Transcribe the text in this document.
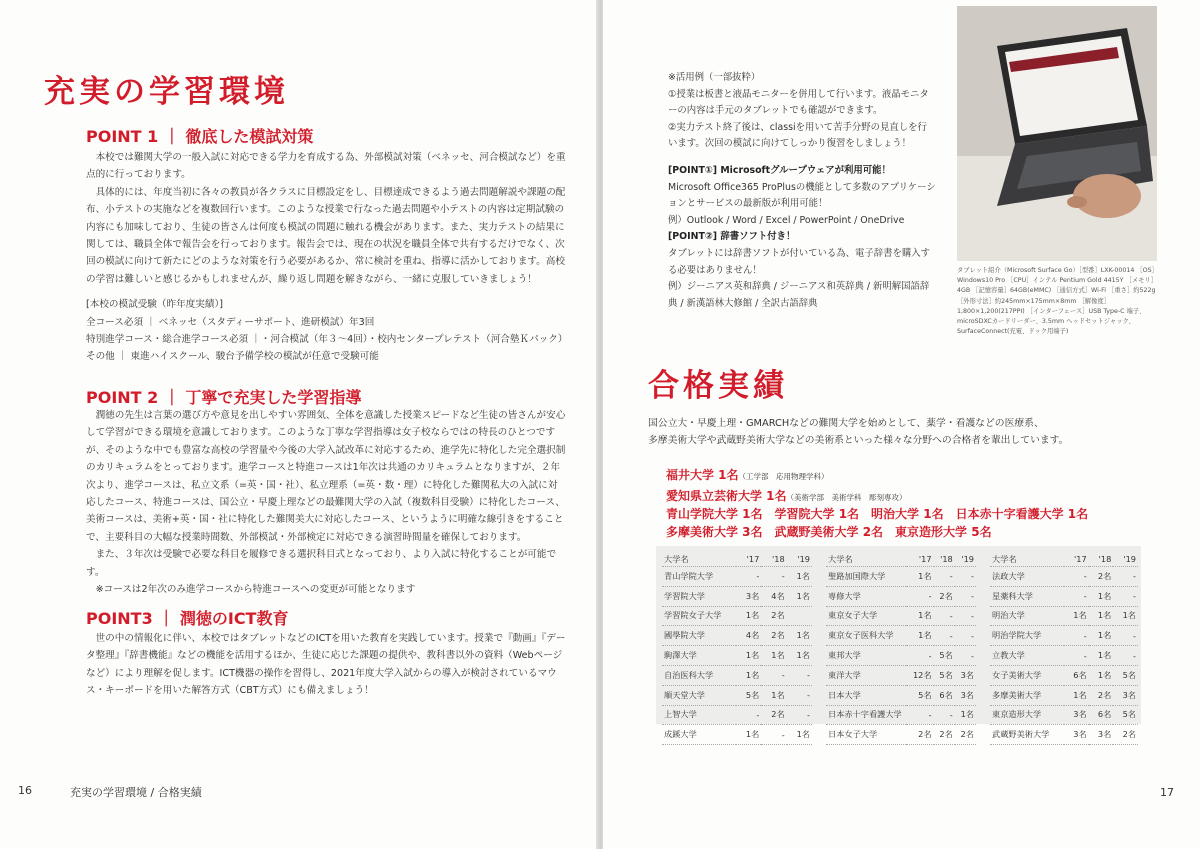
充実の学習環境
POINT 1 ｜ 徹底した模試対策

本校では難関大学の一般入試に対応できる学力を育成する為、外部模試対策（ベネッセ、河合模試など）を重点的に行っております。

具体的には、年度当初に各々の教員が各クラスに目標設定をし、目標達成できるよう過去問題解説や課題の配布、小テストの実施などを複数回行います。このような授業で行なった過去問題や小テストの内容は定期試験の内容にも加味しており、生徒の皆さんは何度も模試の問題に触れる機会があります。また、実力テストの結果に関しては、職員全体で報告会を行っております。報告会では、現在の状況を職員全体で共有するだけでなく、次回の模試に向けて新たにどのような対策を行う必要があるか、常に検討を重ね、指導に活かしております。高校の学習は難しいと感じるかもしれませんが、繰り返し問題を解きながら、一緒に克服していきましょう！

[本校の模試受験（昨年度実績）]

全コース必須 ｜ ベネッセ（スタディーサポート、進研模試）年3回

特別進学コース・総合進学コース必須 ｜・河合模試（年３～4回）・校内センタープレテスト（河合塾Ｋパック）

その他 ｜ 東進ハイスクール、駿台予備学校の模試が任意で受験可能

POINT 2 ｜ 丁寧で充実した学習指導

潤徳の先生は言葉の選び方や意見を出しやすい雰囲気、全体を意識した授業スピードなど生徒の皆さんが安心して学習ができる環境を意識しております。このような丁寧な学習指導は女子校ならではの特長のひとつですが、そのような中でも豊富な高校の学習量や今後の大学入試改革に対応するため、進学先に特化した完全選択制のカリキュラムをとっております。進学コースと特進コースは1年次は共通のカリキュラムとなりますが、２年次より、進学コースは、私立文系（=英・国・社）、私立理系（=英・数・理）に特化した難関私大の入試に対応したコース、特進コースは、国公立・早慶上理などの最難関大学の入試（複数科目受験）に特化したコース、美術コースは、美術+英・国・社に特化した難関美大に対応したコース、というように明確な線引きをすることで、主要科目の大幅な授業時間数、外部模試・外部検定に対応できる演習時間量を確保しております。

また、３年次は受験で必要な科目を履修できる選択科目式となっており、より入試に特化することが可能です。

※コースは2年次のみ進学コースから特進コースへの変更が可能となります

POINT3 ｜ 潤徳のICT教育

世の中の情報化に伴い、本校ではタブレットなどのICTを用いた教育を実践しています。授業で『動画』『データ整理』『辞書機能』などの機能を活用するほか、生徒に応じた課題の提供や、教科書以外の資料（Webページなど）により理解を促します。ICT機器の操作を習得し、2021年度大学入試からの導入が検討されているマウス・キーボードを用いた解答方式（CBT方式）にも備えましょう！

16	充実の学習環境 / 合格実績

※活用例（一部抜粋）

①授業は板書と液晶モニターを併用して行います。液晶モニターの内容は手元のタブレットでも確認ができます。

②実力テスト終了後は、classiを用いて苦手分野の見直しを行います。次回の模試に向けてしっかり復習をしましょう！

[POINT①] Microsoftグループウェアが利用可能！

Microsoft Office365 ProPlusの機能として多数のアプリケーションとサービスの最新版が利用可能！

例）Outlook / Word / Excel / PowerPoint / OneDrive

[POINT②] 辞書ソフト付き！

タブレットには辞書ソフトが付いている為、電子辞書を購入する必要はありません！

例）ジーニアス英和辞典 / ジーニアス和英辞典 / 新明解国語辞典 / 新漢語林大修館 / 全訳古語辞典

タブレット紹介（Microsoft Surface Go）［型番］LXK-00014 ［OS］Windows10 Pro ［CPU］インテル Pentium Gold 4415Y ［メモリ］4GB ［記憶容量］64GB(eMMC) ［通信方式］Wi-Fi ［重さ］約522g ［外形寸法］約245mm×175mm×8mm ［解像度］1,800×1,200(217PPI) ［インターフェース］USB Type-C 端子、microSDXCカードリーダー、3.5mm ヘッドセットジャック、SurfaceConnect(充電、ドック用端子)
合格実績

国公立大・早慶上理・GMARCHなどの難関大学を始めとして、薬学・看護などの医療系、

多摩美術大学や武蔵野美術大学などの美術系といった様々な分野への合格者を輩出しています。

福井大学 1名（工学部　応用物理学科）
愛知県立芸術大学 1名（美術学部　美術学科　彫刻専攻）
青山学院大学 1名　学習院大学 1名　明治大学 1名　日本赤十字看護大学 1名
多摩美術大学 3名　武蔵野美術大学 2名　東京造形大学 5名
大学名	'17	'18	'19
青山学院大学	-	-	1名
学習院大学	3名	4名	1名
学習院女子大学	1名	2名	
國學院大学	4名	2名	1名
駒澤大学	1名	1名	1名
自治医科大学	1名	-	-
順天堂大学	5名	1名	-
上智大学	-	2名	-
成蹊大学	1名	-	1名
大学名	'17	'18	'19
聖路加国際大学	1名	-	-
専修大学	-	2名	-
東京女子大学	1名	-	-
東京女子医科大学	1名	-	-
東邦大学	-	5名	-
東洋大学	12名	5名	3名
日本大学	5名	6名	3名
日本赤十字看護大学	-	-	1名
日本女子大学	2名	2名	2名
大学名	'17	'18	'19
法政大学	-	2名	-
星薬科大学	-	1名	-
明治大学	1名	1名	1名
明治学院大学	-	1名	-
立教大学	-	1名	-
女子美術大学	6名	1名	5名
多摩美術大学	1名	2名	3名
東京造形大学	3名	6名	5名
武蔵野美術大学	3名	3名	2名
17
